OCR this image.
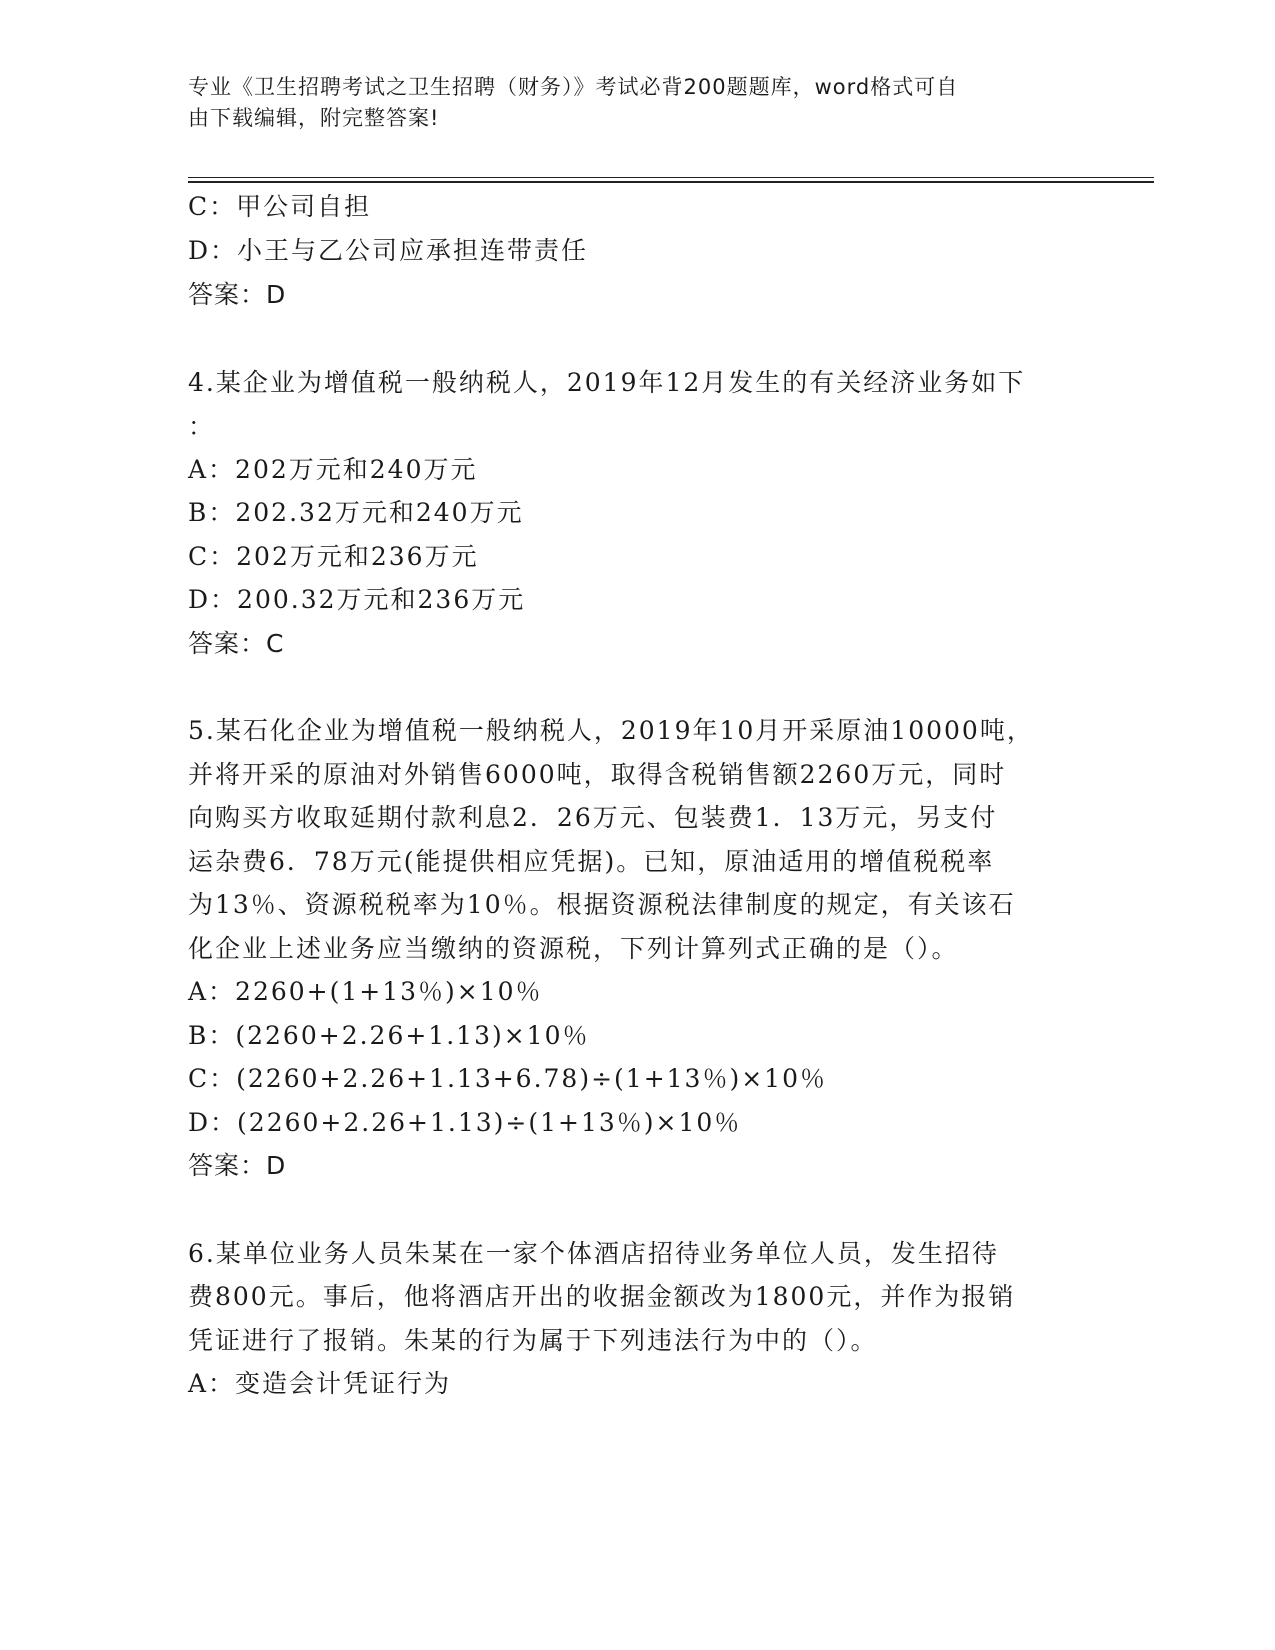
专业《卫生招聘考试之卫生招聘（财务）》考试必背200题题库，word格式可自
由下载编辑，附完整答案!
C：甲公司自担
D：小王与乙公司应承担连带责任
答案：D
4.某企业为增值税一般纳税人，2019年12月发生的有关经济业务如下
：
A：202万元和240万元
B：202.32万元和240万元
C：202万元和236万元
D：200.32万元和236万元
答案：C
5.某石化企业为增值税一般纳税人，2019年10月开采原油10000吨，
并将开采的原油对外销售6000吨，取得含税销售额2260万元，同时
向购买方收取延期付款利息2．26万元、包装费1．13万元，另支付
运杂费6．78万元(能提供相应凭据)。已知，原油适用的增值税税率
为13％、资源税税率为10％。根据资源税法律制度的规定，有关该石
化企业上述业务应当缴纳的资源税，下列计算列式正确的是（）。
A：2260+(1+13％)×10％
B：(2260+2.26+1.13)×10％
C：(2260+2.26+1.13+6.78)÷(1+13％)×10％
D：(2260+2.26+1.13)÷(1+13％)×10％
答案：D
6.某单位业务人员朱某在一家个体酒店招待业务单位人员，发生招待
费800元。事后，他将酒店开出的收据金额改为1800元，并作为报销
凭证进行了报销。朱某的行为属于下列违法行为中的（）。
A：变造会计凭证行为
